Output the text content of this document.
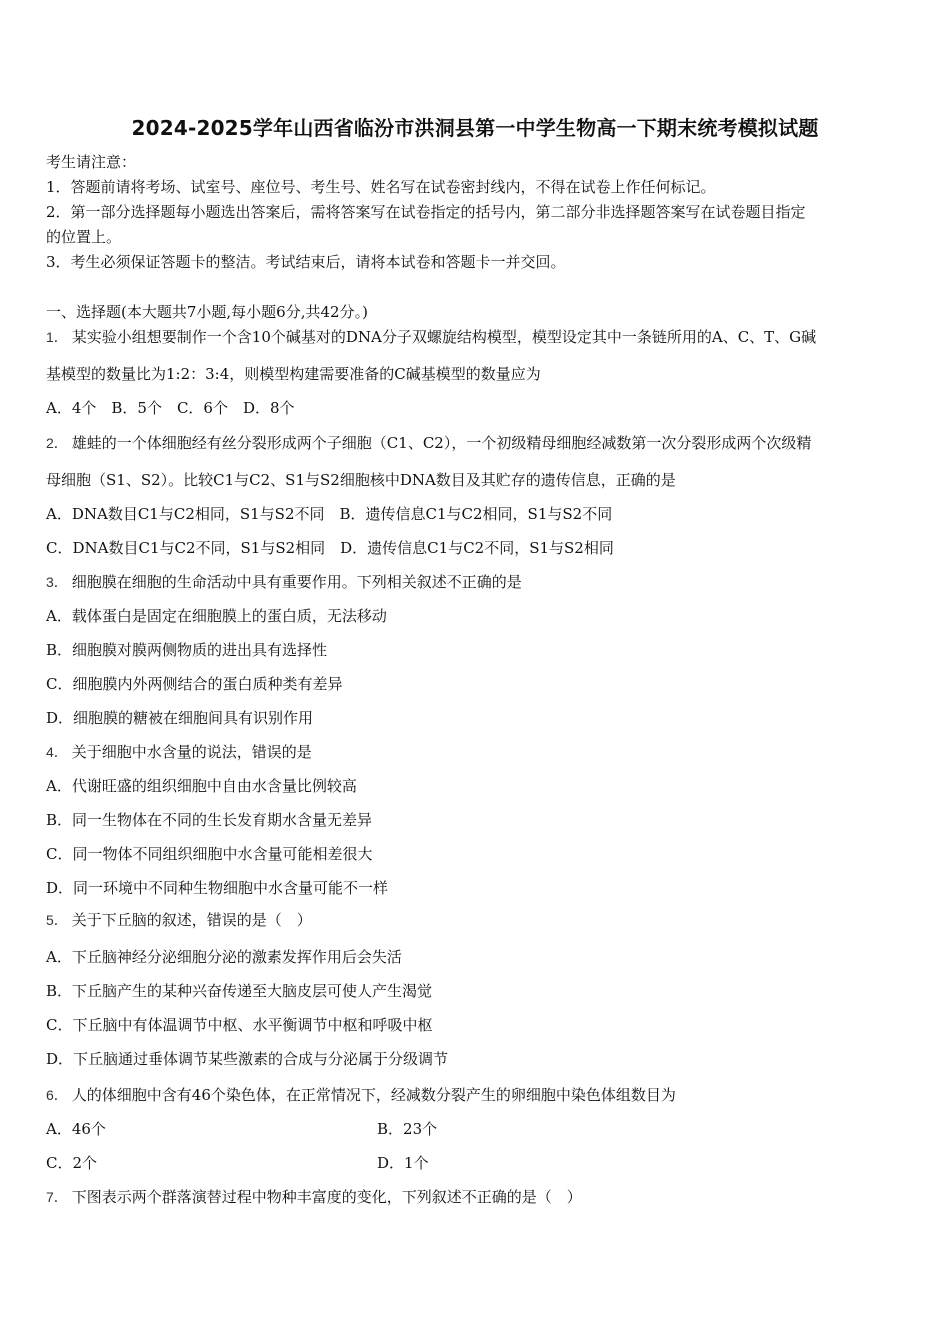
2024-2025学年山西省临汾市洪洞县第一中学生物高一下期末统考模拟试题
考生请注意：
1．答题前请将考场、试室号、座位号、考生号、姓名写在试卷密封线内，不得在试卷上作任何标记。
2．第一部分选择题每小题选出答案后，需将答案写在试卷指定的括号内，第二部分非选择题答案写在试卷题目指定
的位置上。
3．考生必须保证答题卡的整洁。考试结束后，请将本试卷和答题卡一并交回。
一、选择题(本大题共7小题,每小题6分,共42分。)
1． 某实验小组想要制作一个含10个碱基对的DNA分子双螺旋结构模型，模型设定其中一条链所用的A、C、T、G碱
基模型的数量比为1:2：3:4，则模型构建需要准备的C碱基模型的数量应为
A．4个　B．5个　C．6个　D．8个
2． 雄蛙的一个体细胞经有丝分裂形成两个子细胞（C1、C2），一个初级精母细胞经减数第一次分裂形成两个次级精
母细胞（S1、S2）。比较C1与C2、S1与S2细胞核中DNA数目及其贮存的遗传信息，正确的是
A．DNA数目C1与C2相同，S1与S2不同　B．遗传信息C1与C2相同，S1与S2不同
C．DNA数目C1与C2不同，S1与S2相同　D．遗传信息C1与C2不同，S1与S2相同
3． 细胞膜在细胞的生命活动中具有重要作用。下列相关叙述不正确的是
A．载体蛋白是固定在细胞膜上的蛋白质，无法移动
B．细胞膜对膜两侧物质的进出具有选择性
C．细胞膜内外两侧结合的蛋白质种类有差异
D．细胞膜的糖被在细胞间具有识别作用
4． 关于细胞中水含量的说法，错误的是
A．代谢旺盛的组织细胞中自由水含量比例较高
B．同一生物体在不同的生长发育期水含量无差异
C．同一物体不同组织细胞中水含量可能相差很大
D．同一环境中不同种生物细胞中水含量可能不一样
5． 关于下丘脑的叙述，错误的是（　）
A．下丘脑神经分泌细胞分泌的激素发挥作用后会失活
B．下丘脑产生的某种兴奋传递至大脑皮层可使人产生渴觉
C．下丘脑中有体温调节中枢、水平衡调节中枢和呼吸中枢
D．下丘脑通过垂体调节某些激素的合成与分泌属于分级调节
6． 人的体细胞中含有46个染色体，在正常情况下，经减数分裂产生的卵细胞中染色体组数目为
A．46个	B．23个
C．2个	D．1个
7． 下图表示两个群落演替过程中物种丰富度的变化，下列叙述不正确的是（　）
